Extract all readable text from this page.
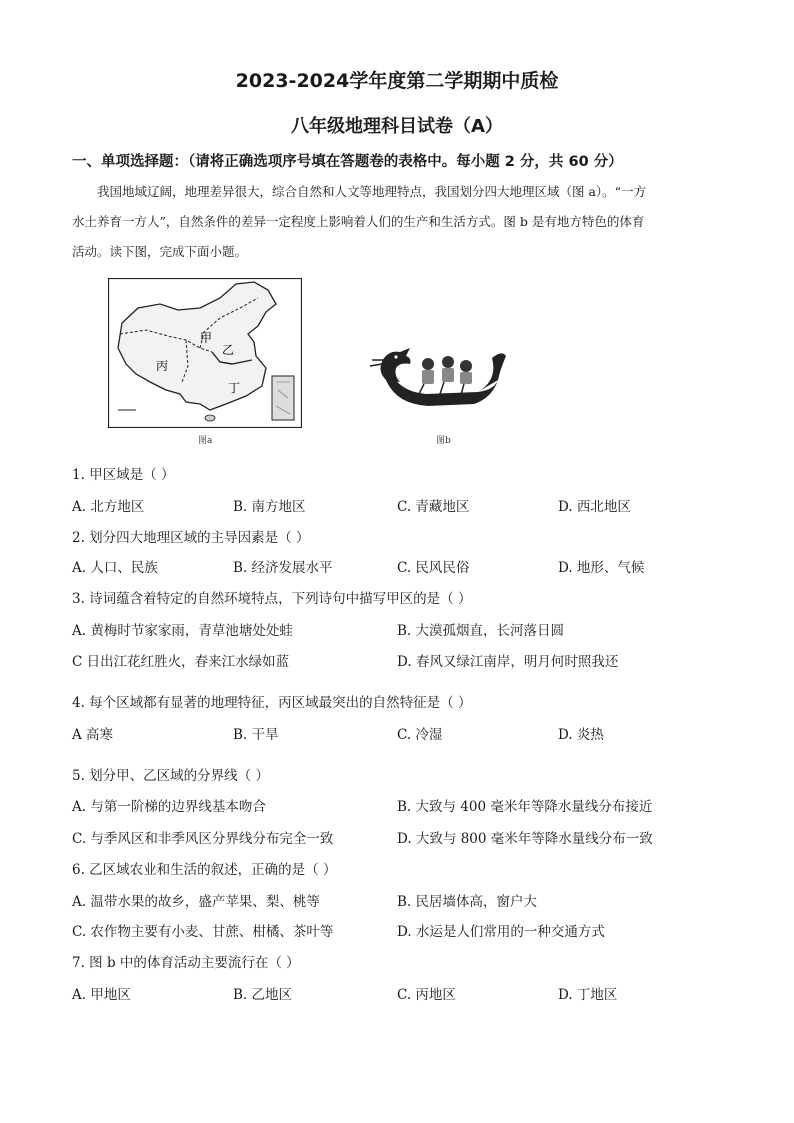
2023-2024学年度第二学期期中质检
八年级地理科目试卷（A）
一、单项选择题：（请将正确选项序号填在答题卷的表格中。每小题 2 分，共 60 分）

我国地域辽阔，地理差异很大，综合自然和人文等地理特点，我国划分四大地理区域（图 a）。“一方

水土养育一方人”，自然条件的差异一定程度上影响着人们的生产和生活方式。图 b 是有地方特色的体育

活动。读下图，完成下面小题。

甲
乙
丙
丁
图a	图b
1. 甲区域是（ ）
A. 北方地区	B. 南方地区	C. 青藏地区	D. 西北地区
2. 划分四大地理区域的主导因素是（ ）
A. 人口、民族	B. 经济发展水平	C. 民风民俗	D. 地形、气候
3. 诗词蕴含着特定的自然环境特点，下列诗句中描写甲区的是（ ）
A. 黄梅时节家家雨，青草池塘处处蛙	B. 大漠孤烟直，长河落日圆
C 日出江花红胜火，春来江水绿如蓝	D. 春风又绿江南岸，明月何时照我还
4. 每个区域都有显著的地理特征，丙区域最突出的自然特征是（ ）
A 高寒	B. 干旱	C. 冷湿	D. 炎热
5. 划分甲、乙区域的分界线（ ）
A. 与第一阶梯的边界线基本吻合	B. 大致与 400 毫米年等降水量线分布接近
C. 与季风区和非季风区分界线分布完全一致	D. 大致与 800 毫米年等降水量线分布一致
6. 乙区域农业和生活的叙述，正确的是（ ）
A. 温带水果的故乡，盛产苹果、梨、桃等	B. 民居墙体高，窗户大
C. 农作物主要有小麦、甘蔗、柑橘、茶叶等	D. 水运是人们常用的一种交通方式
7. 图 b 中的体育活动主要流行在（ ）
A. 甲地区	B. 乙地区	C. 丙地区	D. 丁地区
